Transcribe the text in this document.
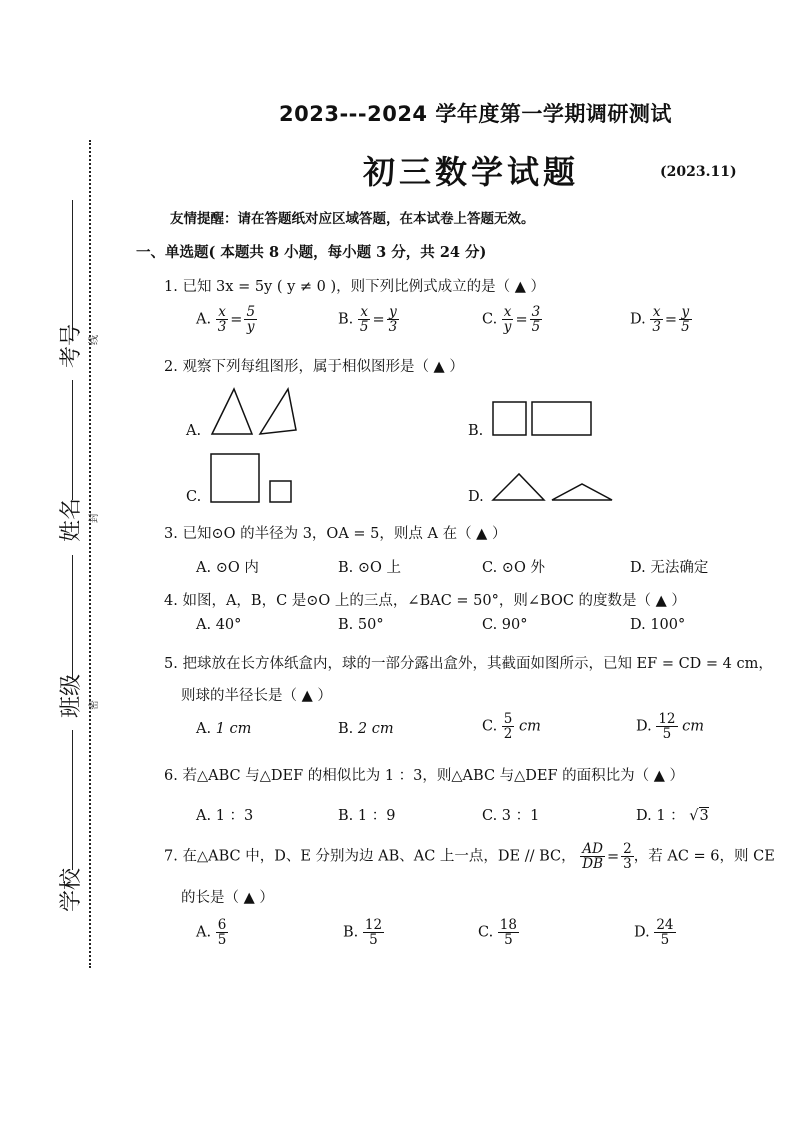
考号
姓名
班级
学校
线
封
密
2023---2024 学年度第一学期调研测试
初三数学试题	(2023.11)
友情提醒：请在答题纸对应区域答题，在本试卷上答题无效。
一、单选题( 本题共 8 小题，每小题 3 分，共 24 分)
1. 已知 3x = 5y ( y ≠ 0 )，则下列比例式成立的是（ ▲ ）
A. $\frac{x}{3} = \frac{5}{y}$	B. $\frac{x}{5} = \frac{y}{3}$	C. $\frac{x}{y} = \frac{3}{5}$	D. $\frac{x}{3} = \frac{y}{5}$
2. 观察下列每组图形，属于相似图形是（ ▲ ）
A.	B.
C.	D.
3. 已知⊙O 的半径为 3，OA = 5，则点 A 在（ ▲ ）
A. ⊙O 内	B. ⊙O 上	C. ⊙O 外	D. 无法确定
4. 如图，A，B，C 是⊙O 上的三点，∠BAC = 50°，则∠BOC 的度数是（ ▲ ）
A. 40°	B. 50°	C. 90°	D. 100°
5. 把球放在长方体纸盒内，球的一部分露出盒外，其截面如图所示，已知 EF = CD = 4 cm，
则球的半径长是（ ▲ ）
A. 1 cm	B. 2 cm	C. $\frac{5}{2}$ cm	D. $\frac{12}{5}$ cm
6. 若△ABC 与△DEF 的相似比为 1 ：3，则△ABC 与△DEF 的面积比为（ ▲ ）
A. 1 ：3	B. 1 ：9	C. 3 ：1	D. 1 ： √3
7. 在△ABC 中，D、E 分别为边 AB、AC 上一点，DE // BC， $\frac{AD}{DB} = \frac{2}{3}$ ，若 AC = 6，则 CE
的长是（ ▲ ）
A. $\frac{6}{5}$	B. $\frac{12}{5}$	C. $\frac{18}{5}$	D. $\frac{24}{5}$
